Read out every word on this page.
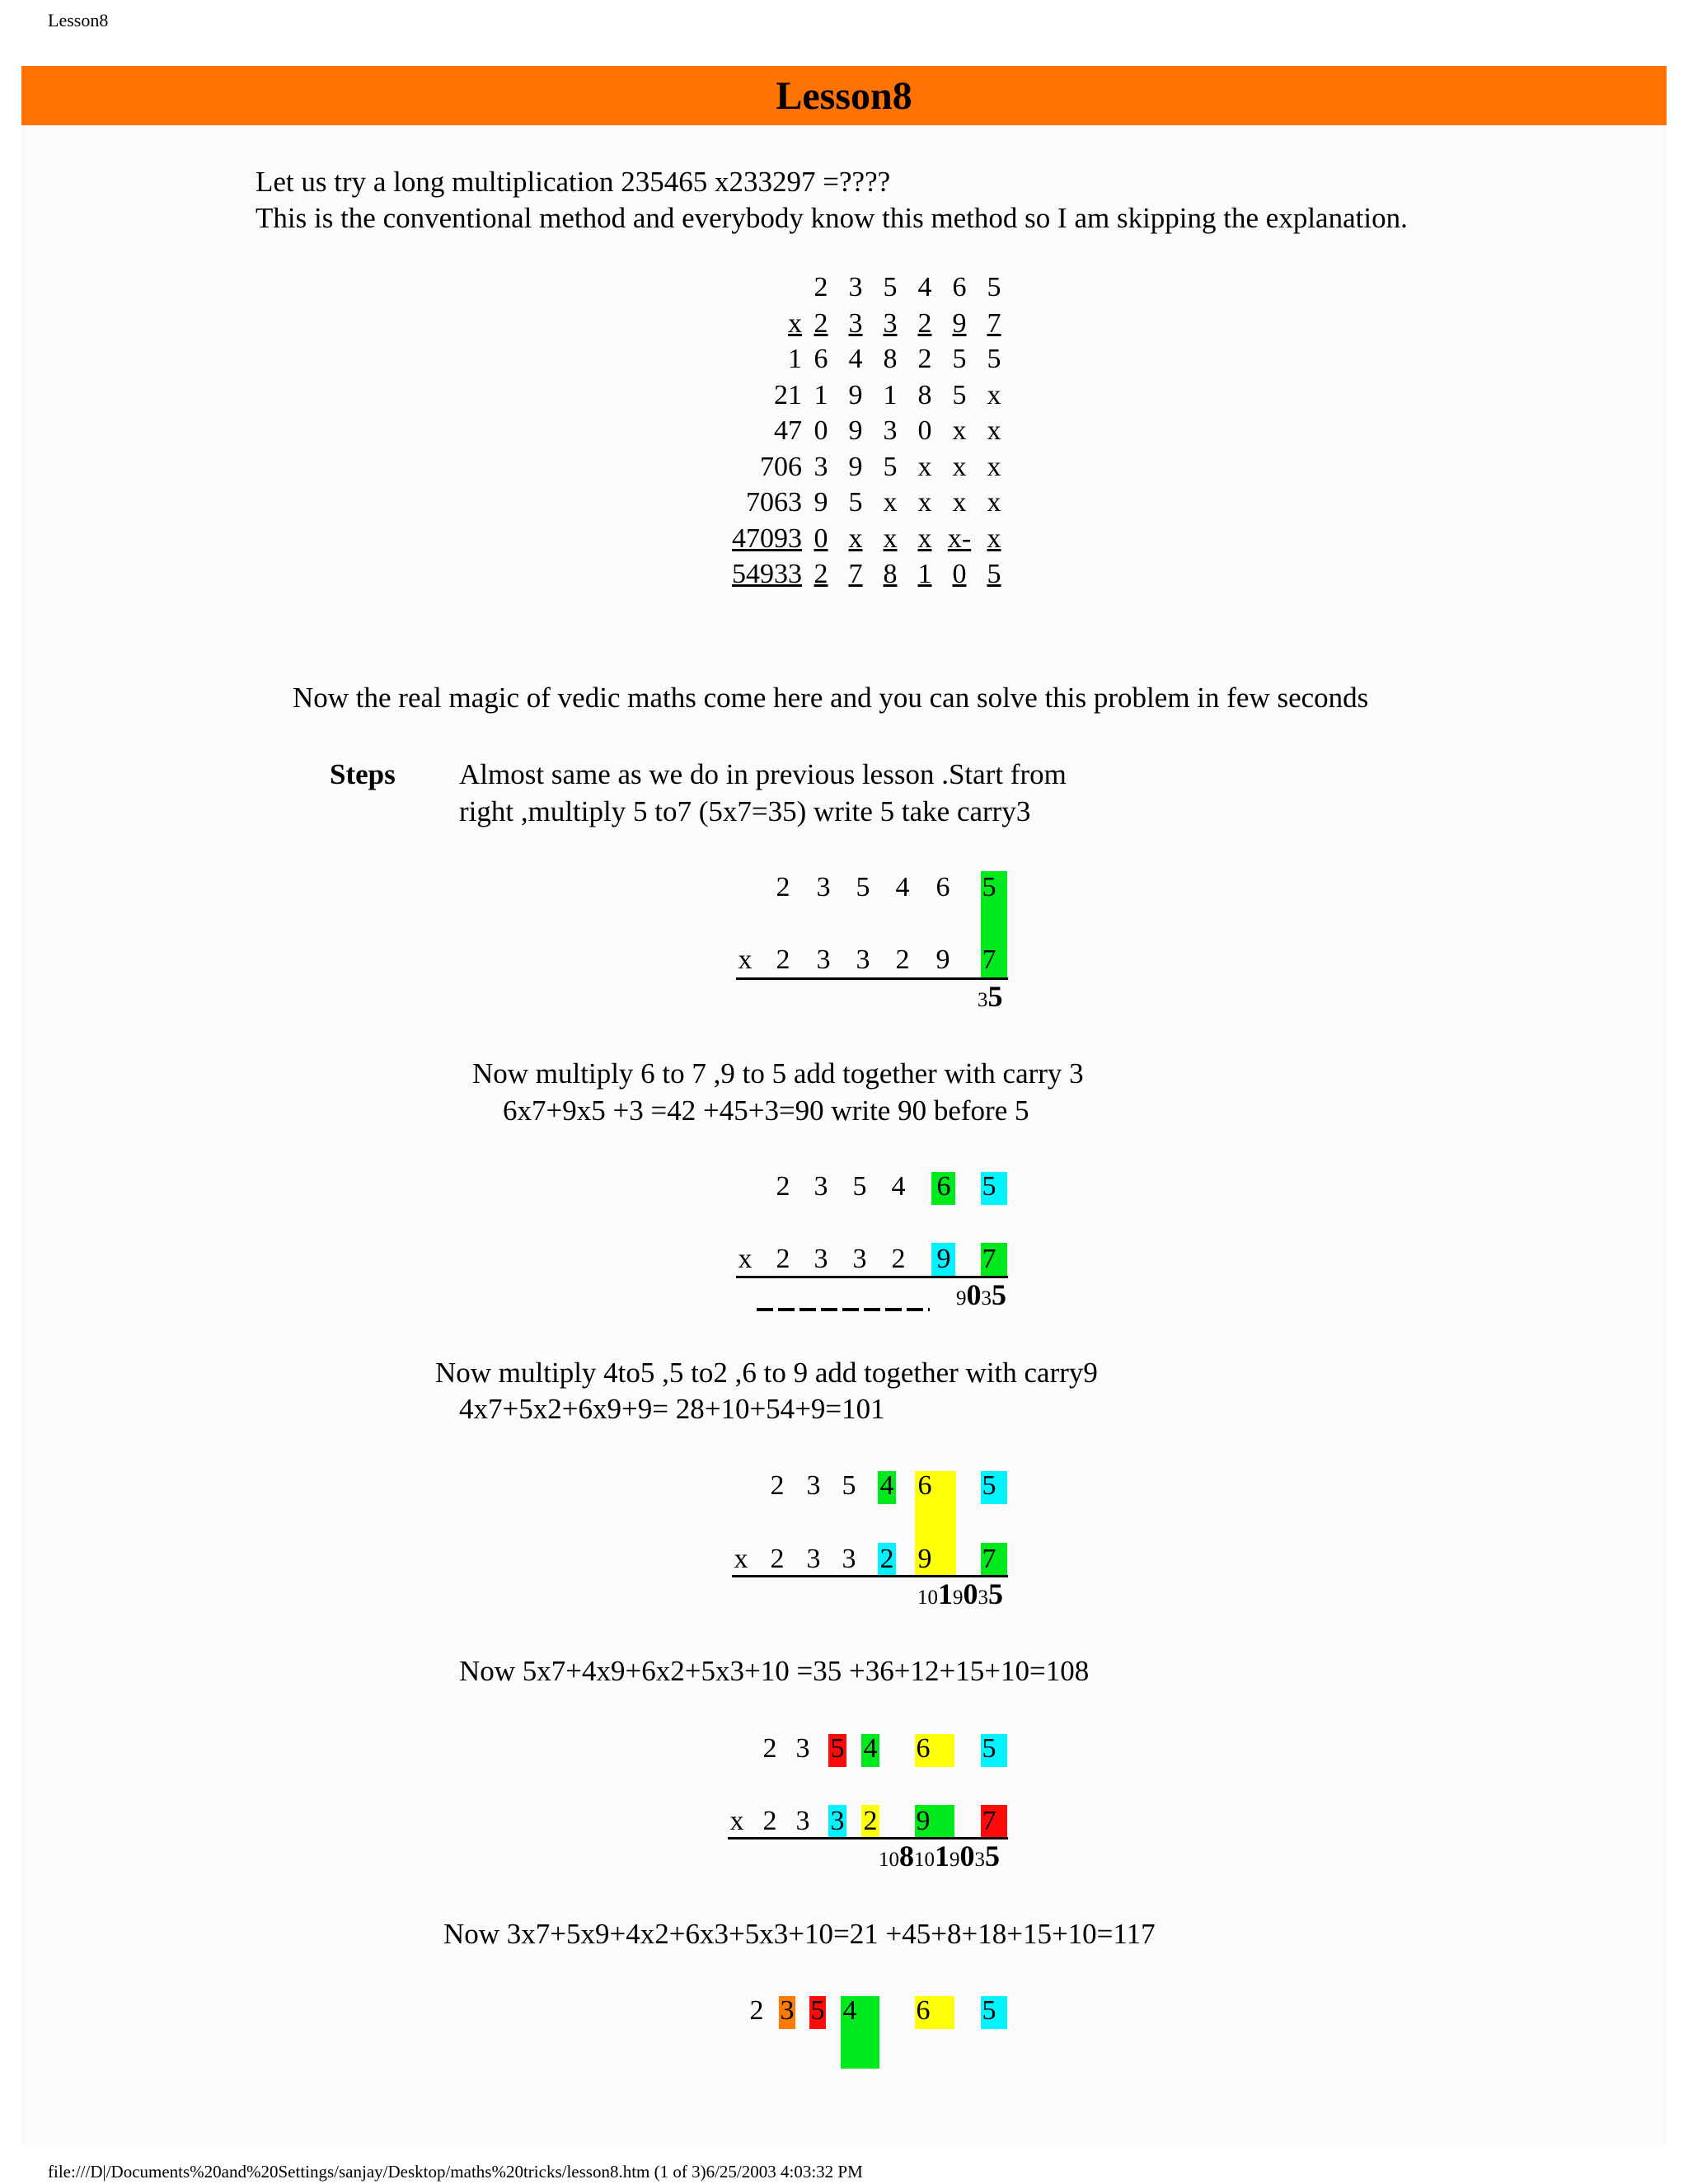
Lesson8
Lesson8
Let us try a long multiplication 235465 x233297 =????
This is the conventional method and everybody know this method so I am skipping the explanation.
2 3 5 4 6 5
x 2 3 3 2 9 7
1 6 4 8 2 5 5
21 1 9 1 8 5 x
47 0 9 3 0 x x
706 3 9 5 x x x
7063 9 5 x x x x
47093 0 x x x x- x
54933 2 7 8 1 0 5
Now the real magic of vedic maths come here and you can solve this problem in few seconds
Steps Almost same as we do in previous lesson .Start from
right ,multiply 5 to7 (5x7=35) write 5 take carry3
2 3 5 4 6	5
x 2 3 3 2 9	7
35
Now multiply 6 to 7 ,9 to 5 add together with carry 3
6x7+9x5 +3 =42 +45+3=90 write 90 before 5
2 3 5 4	6	5
x 2 3 3 2	9	7
9035
Now multiply 4to5 ,5 to2 ,6 to 9 add together with carry9
4x7+5x2+6x9+9= 28+10+54+9=101
2 3 5 4 6	5
x 2 3 3 2 9	7
1019035
Now 5x7+4x9+6x2+5x3+10 =35 +36+12+15+10=108
2 3 5 4	6	5
x 2 3 3 2	9	7
1081019035
Now 3x7+5x9+4x2+6x3+5x3+10=21 +45+8+18+15+10=117
2 3 5 4	6	5
file:///D|/Documents%20and%20Settings/sanjay/Desktop/maths%20tricks/lesson8.htm (1 of 3)6/25/2003 4:03:32 PM
